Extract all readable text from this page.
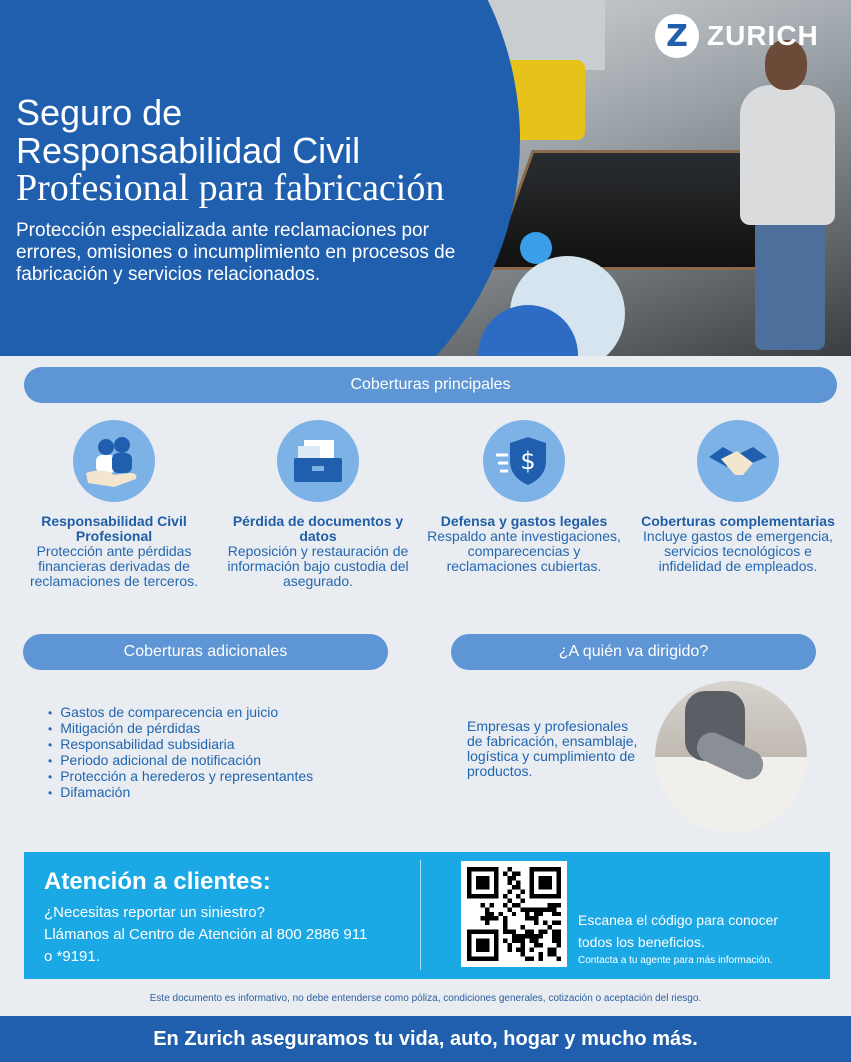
Z ZURICH
Seguro de
Responsabilidad Civil
Profesional para fabricación
Protección especializada ante reclamaciones por errores, omisiones o incumplimiento en procesos de fabricación y servicios relacionados.
Coberturas principales
Responsabilidad Civil Profesional
Protección ante pérdidas financieras derivadas de reclamaciones de terceros.
Pérdida de documentos y datos
Reposición y restauración de información bajo custodia del asegurado.
$
Defensa y gastos legales
Respaldo ante investigaciones, comparecencias y reclamaciones cubiertas.
Coberturas complementarias
Incluye gastos de emergencia, servicios tecnológicos e infidelidad de empleados.
Coberturas adicionales	¿A quién va dirigido?
• Gastos de comparecencia en juicio
• Mitigación de pérdidas
• Responsabilidad subsidiaria
• Periodo adicional de notificación
• Protección a herederos y representantes
• Difamación
Empresas y profesionales de fabricación, ensamblaje, logística y cumplimiento de productos.
Atención a clientes:
¿Necesitas reportar un siniestro?
Llámanos al Centro de Atención al 800 2886 911
o *9191.
Escanea el código para conocer
todos los beneficios.
Contacta a tu agente para más información.
Este documento es informativo, no debe entenderse como póliza, condiciones generales, cotización o aceptación del riesgo.
En Zurich aseguramos tu vida, auto, hogar y mucho más.
